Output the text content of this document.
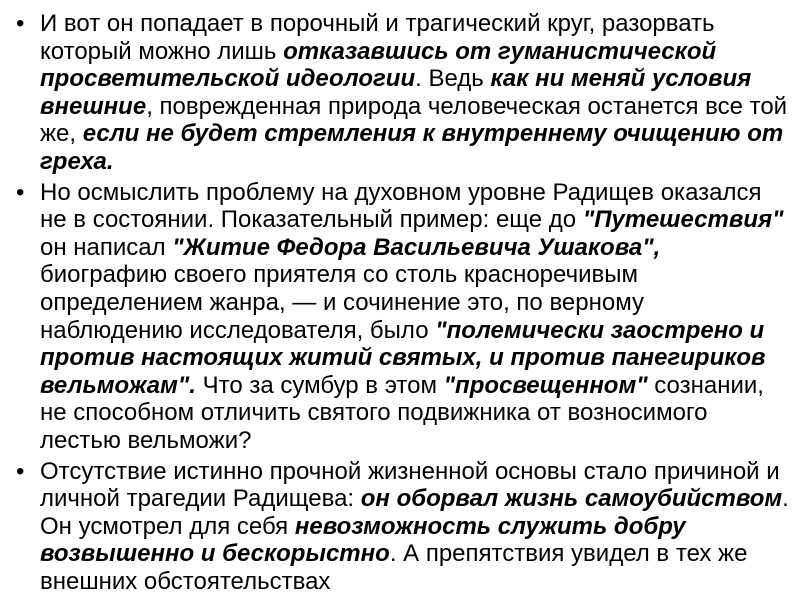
• И вот он попадает в порочный и трагический круг, разорвать который можно лишь отказавшись от гуманистической просветительской идеологии. Ведь как ни меняй условия внешние, поврежденная природа человеческая останется все той же, если не будет стремления к внутреннему очищению от греха.
• Но осмыслить проблему на духовном уровне Радищев оказался не в состоянии. Показательный пример: еще до "Путешествия" он написал "Житие Федора Васильевича Ушакова", биографию своего приятеля со столь красноречивым определением жанра, — и сочинение это, по верному наблюдению исследователя, было "полемически заострено и против настоящих житий святых, и против панегириков вельможам". Что за сумбур в этом "просвещенном" сознании, не способном отличить святого подвижника от возносимого лестью вельможи?
• Отсутствие истинно прочной жизненной основы стало причиной и личной трагедии Радищева: он оборвал жизнь самоубийством. Он усмотрел для себя невозможность служить добру возвышенно и бескорыстно. А препятствия увидел в тех же внешних обстоятельствах
